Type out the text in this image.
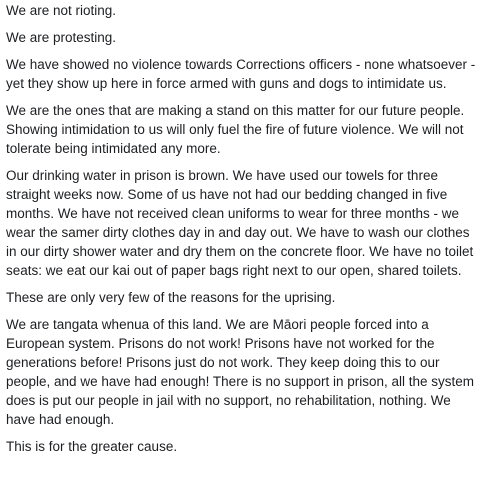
We are not rioting.

We are protesting.

We have showed no violence towards Corrections officers - none whatsoever - yet they show up here in force armed with guns and dogs to intimidate us.

We are the ones that are making a stand on this matter for our future people. Showing intimidation to us will only fuel the fire of future violence. We will not tolerate being intimidated any more.

Our drinking water in prison is brown. We have used our towels for three straight weeks now. Some of us have not had our bedding changed in five months. We have not received clean uniforms to wear for three months - we wear the samer dirty clothes day in and day out. We have to wash our clothes in our dirty shower water and dry them on the concrete floor. We have no toilet seats: we eat our kai out of paper bags right next to our open, shared toilets.

These are only very few of the reasons for the uprising.

We are tangata whenua of this land. We are Māori people forced into a European system. Prisons do not work! Prisons have not worked for the generations before! Prisons just do not work. They keep doing this to our people, and we have had enough! There is no support in prison, all the system does is put our people in jail with no support, no rehabilitation, nothing. We have had enough.

This is for the greater cause.
